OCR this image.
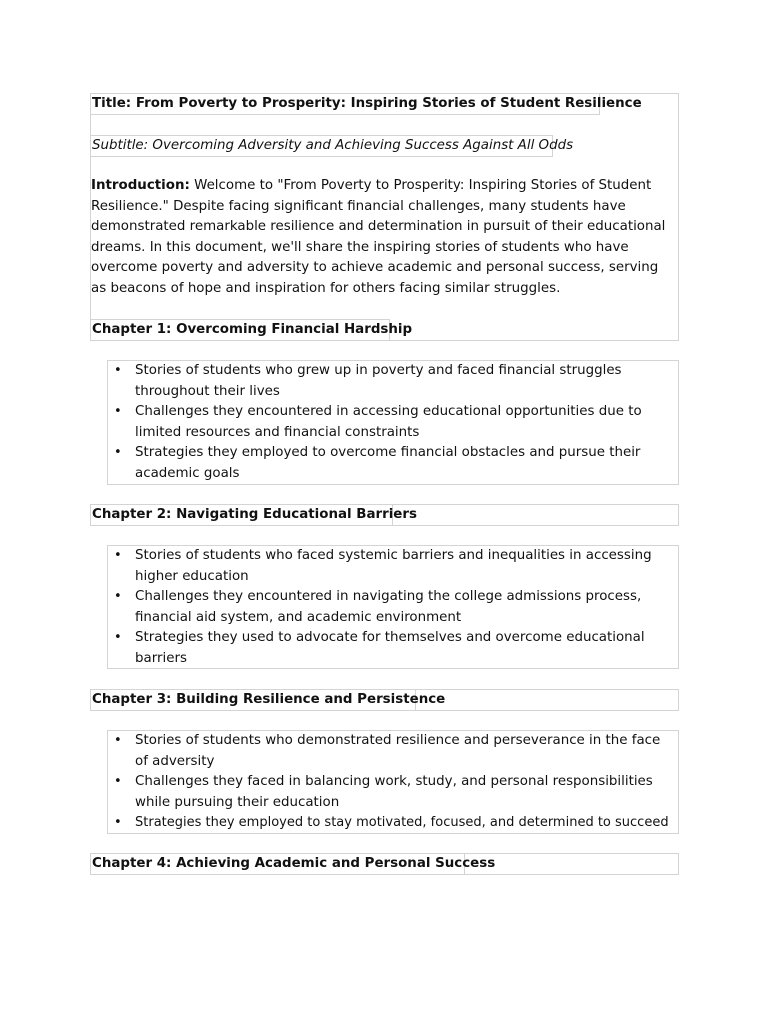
Title: From Poverty to Prosperity: Inspiring Stories of Student Resilience
Subtitle: Overcoming Adversity and Achieving Success Against All Odds

Introduction: Welcome to "From Poverty to Prosperity: Inspiring Stories of Student Resilience." Despite facing significant financial challenges, many students have demonstrated remarkable resilience and determination in pursuit of their educational dreams. In this document, we'll share the inspiring stories of students who have overcome poverty and adversity to achieve academic and personal success, serving as beacons of hope and inspiration for others facing similar struggles.

Chapter 1: Overcoming Financial Hardship
• Stories of students who grew up in poverty and faced financial struggles throughout their lives
• Challenges they encountered in accessing educational opportunities due to limited resources and financial constraints
• Strategies they employed to overcome financial obstacles and pursue their academic goals
Chapter 2: Navigating Educational Barriers
• Stories of students who faced systemic barriers and inequalities in accessing higher education
• Challenges they encountered in navigating the college admissions process, financial aid system, and academic environment
• Strategies they used to advocate for themselves and overcome educational barriers
Chapter 3: Building Resilience and Persistence
• Stories of students who demonstrated resilience and perseverance in the face of adversity
• Challenges they faced in balancing work, study, and personal responsibilities while pursuing their education
• Strategies they employed to stay motivated, focused, and determined to succeed
Chapter 4: Achieving Academic and Personal Success
